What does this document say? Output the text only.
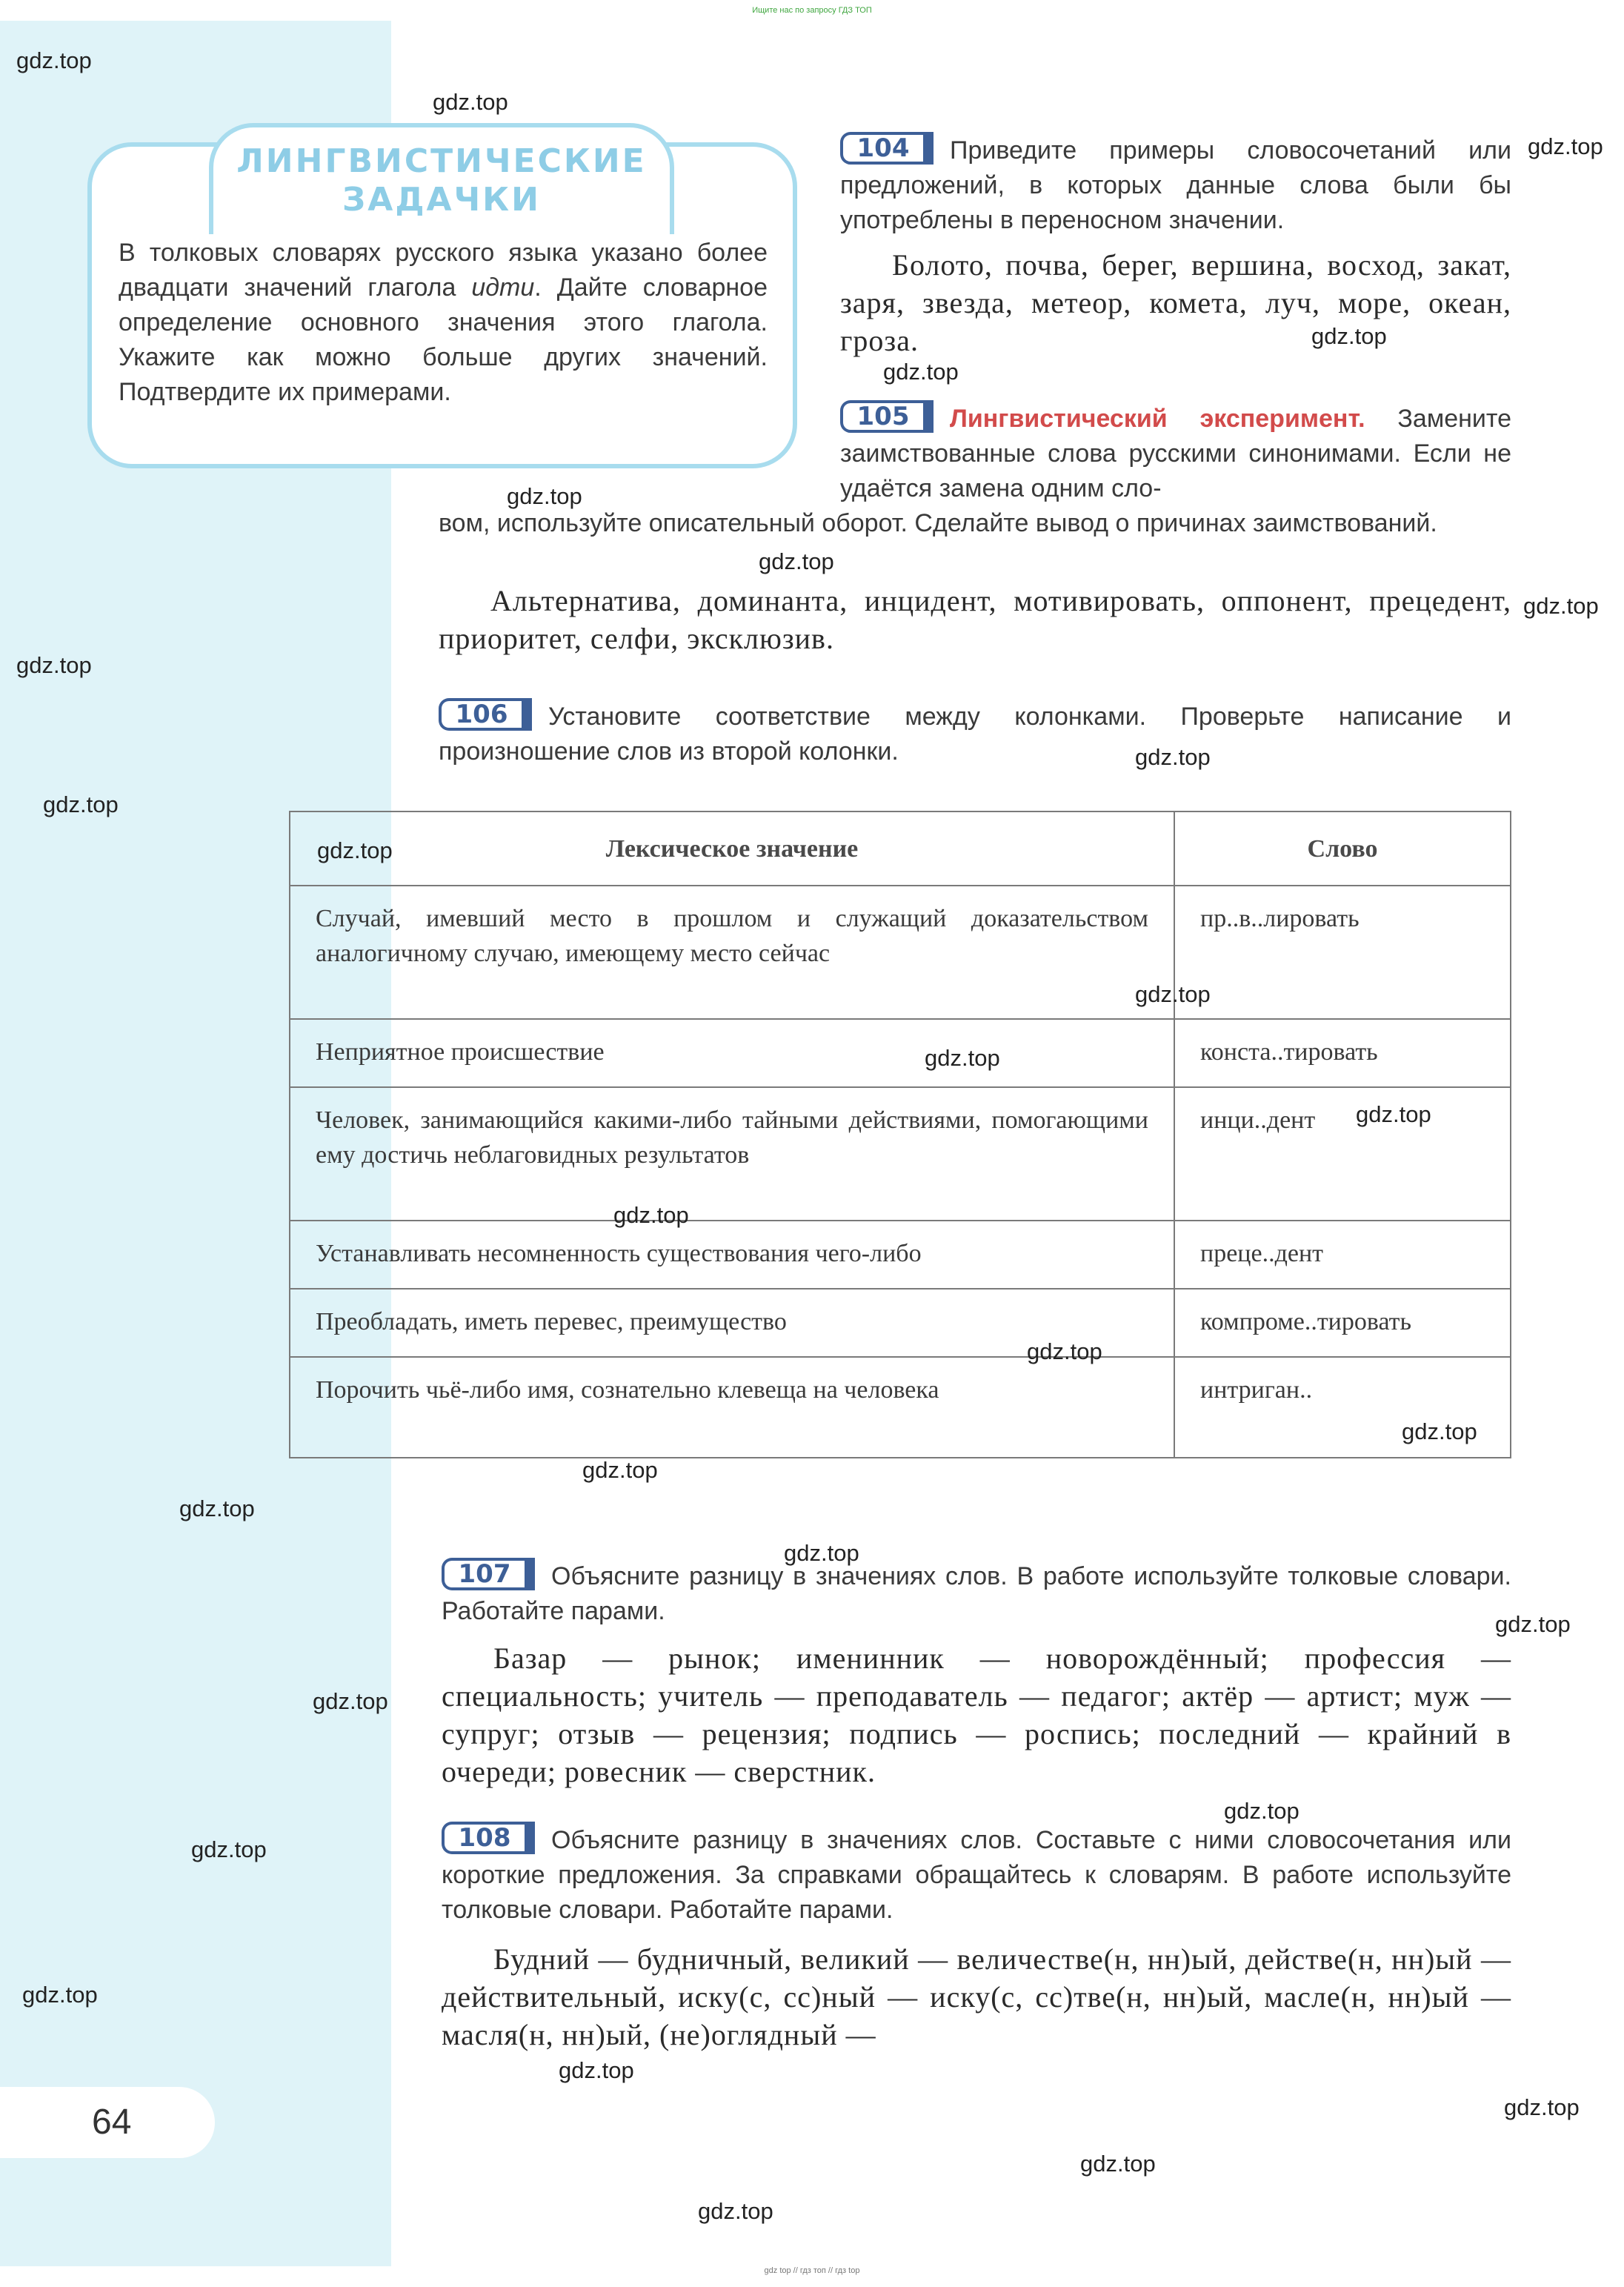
Ищите нас по запросу ГДЗ ТОП
ЛИНГВИСТИЧЕСКИЕ
ЗАДАЧКИ
В толковых словарях русского языка указано более двадцати значений глагола идти. Дайте словарное определение основного значения этого глагола. Укажите как можно больше других значений. Подтвердите их примерами.
104	Приведите примеры словосочетаний или предложений, в которых данные слова были бы употреблены в переносном значении.
Болото, почва, берег, вершина, восход, закат, заря, звезда, метеор, комета, луч, море, океан, гроза.
105	Лингвистический эксперимент. Замените заимствованные слова русскими синонимами. Если не удаётся замена одним сло-
вом, используйте описательный оборот. Сделайте вывод о причинах заимствований.
Альтернатива, доминанта, инцидент, мотивировать, оппонент, прецедент, приоритет, селфи, эксклюзив.
106	Установите соответствие между колонками. Проверьте написание и произношение слов из второй колонки.
Лексическое значение	Слово
Случай, имевший место в прошлом и служащий доказательством аналогичному случаю, имеющему место сейчас	пр..в..лировать
Неприятное происшествие	конста..тировать
Человек, занимающийся какими-либо тайными действиями, помогающими ему достичь неблаговидных результатов	инци..дент
Устанавливать несомненность существования чего-либо	преце..дент
Преобладать, иметь перевес, преимущество	компроме..тировать
Порочить чьё-либо имя, сознательно клевеща на человека	интриган..
107	Объясните разницу в значениях слов. В работе используйте толковые словари. Работайте парами.
Базар — рынок; именинник — новорождённый; профессия — специальность; учитель — преподаватель — педагог; актёр — артист; муж — супруг; отзыв — рецензия; подпись — роспись; последний — крайний в очереди; ровесник — сверстник.
108	Объясните разницу в значениях слов. Составьте с ними словосочетания или короткие предложения. За справками обращайтесь к словарям. В работе используйте толковые словари. Работайте парами.
Будний — будничный, великий — величестве(н, нн)ый, действе(н, нн)ый — действительный, иску(с, сс)ный — иску(с, сс)тве(н, нн)ый, масле(н, нн)ый — масля(н, нн)ый, (не)оглядный —
64
gdz.top
gdz.top
gdz.top
gdz.top
gdz.top
gdz.top
gdz.top
gdz.top
gdz.top
gdz.top
gdz.top
gdz.top
gdz.top
gdz.top
gdz.top
gdz.top
gdz.top
gdz.top
gdz.top
gdz.top
gdz.top
gdz.top
gdz.top
gdz.top
gdz.top
gdz.top
gdz.top
gdz.top
gdz.top
gdz.top
gdz top // гдз топ // гдз top
